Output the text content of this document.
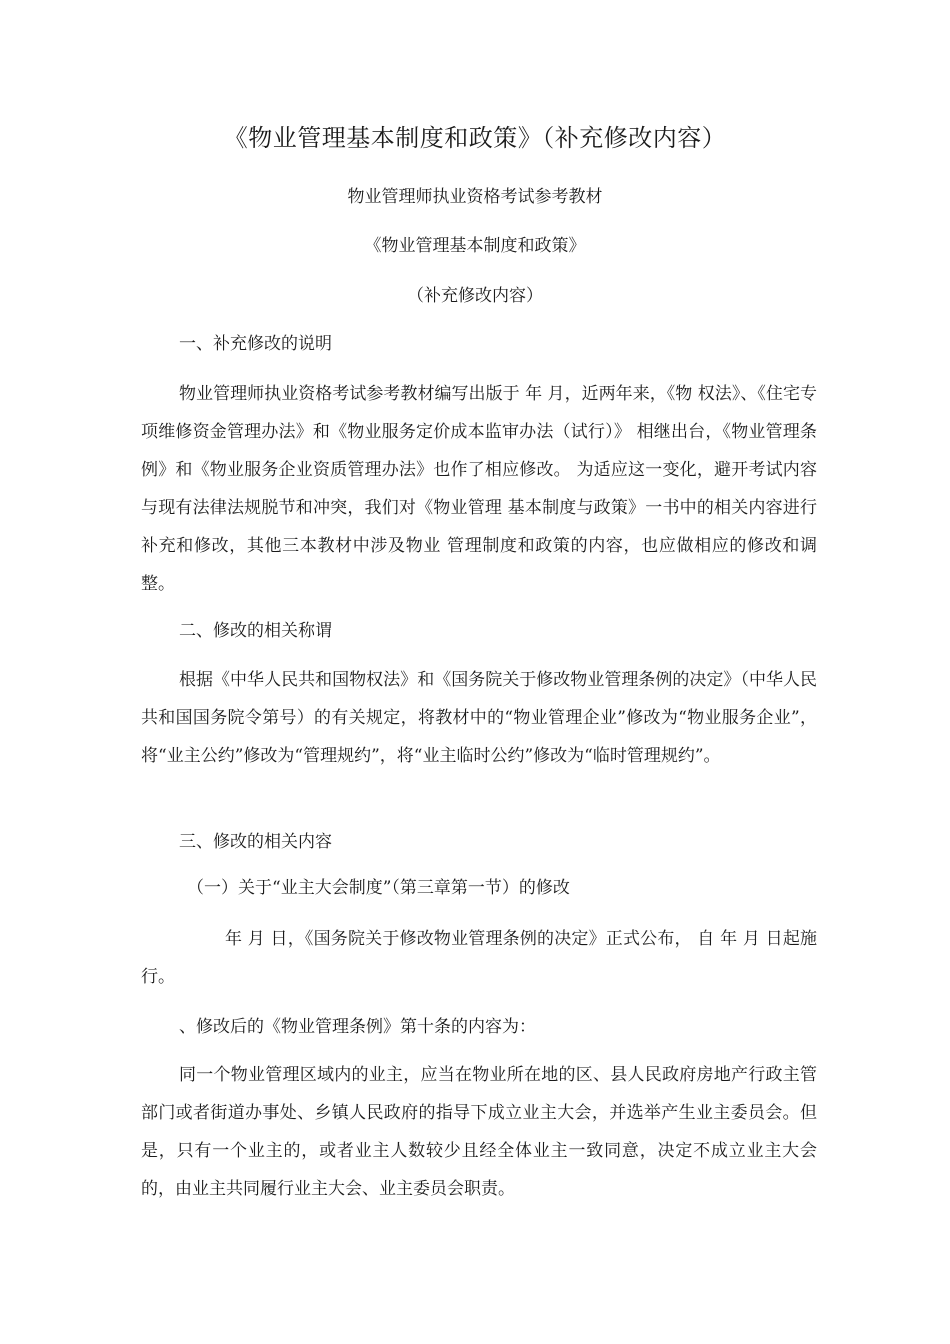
《物业管理基本制度和政策》（补充修改内容）

物业管理师执业资格考试参考教材

《物业管理基本制度和政策》

（补充修改内容）

一、补充修改的说明

物业管理师执业资格考试参考教材编写出版于 年 月，近两年来，《物 权法》、《住宅专项维修资金管理办法》和《物业服务定价成本监审办法（试行）》 相继出台，《物业管理条例》和《物业服务企业资质管理办法》也作了相应修改。 为适应这一变化，避开考试内容与现有法律法规脱节和冲突，我们对《物业管理 基本制度与政策》一书中的相关内容进行补充和修改，其他三本教材中涉及物业 管理制度和政策的内容，也应做相应的修改和调整。

二、修改的相关称谓

根据《中华人民共和国物权法》和《国务院关于修改物业管理条例的决定》（中华人民共和国国务院令第号）的有关规定，将教材中的“物业管理企业”修改为“物业服务企业”，将“业主公约”修改为“管理规约”，将“业主临时公约”修改为“临时管理规约”。

三、修改的相关内容

（一）关于“业主大会制度”（第三章第一节）的修改

年 月 日，《国务院关于修改物业管理条例的决定》正式公布， 自 年 月 日起施行。

、修改后的《物业管理条例》第十条的内容为：

同一个物业管理区域内的业主，应当在物业所在地的区、县人民政府房地产行政主管部门或者街道办事处、乡镇人民政府的指导下成立业主大会，并选举产生业主委员会。但是，只有一个业主的，或者业主人数较少且经全体业主一致同意，决定不成立业主大会的，由业主共同履行业主大会、业主委员会职责。
